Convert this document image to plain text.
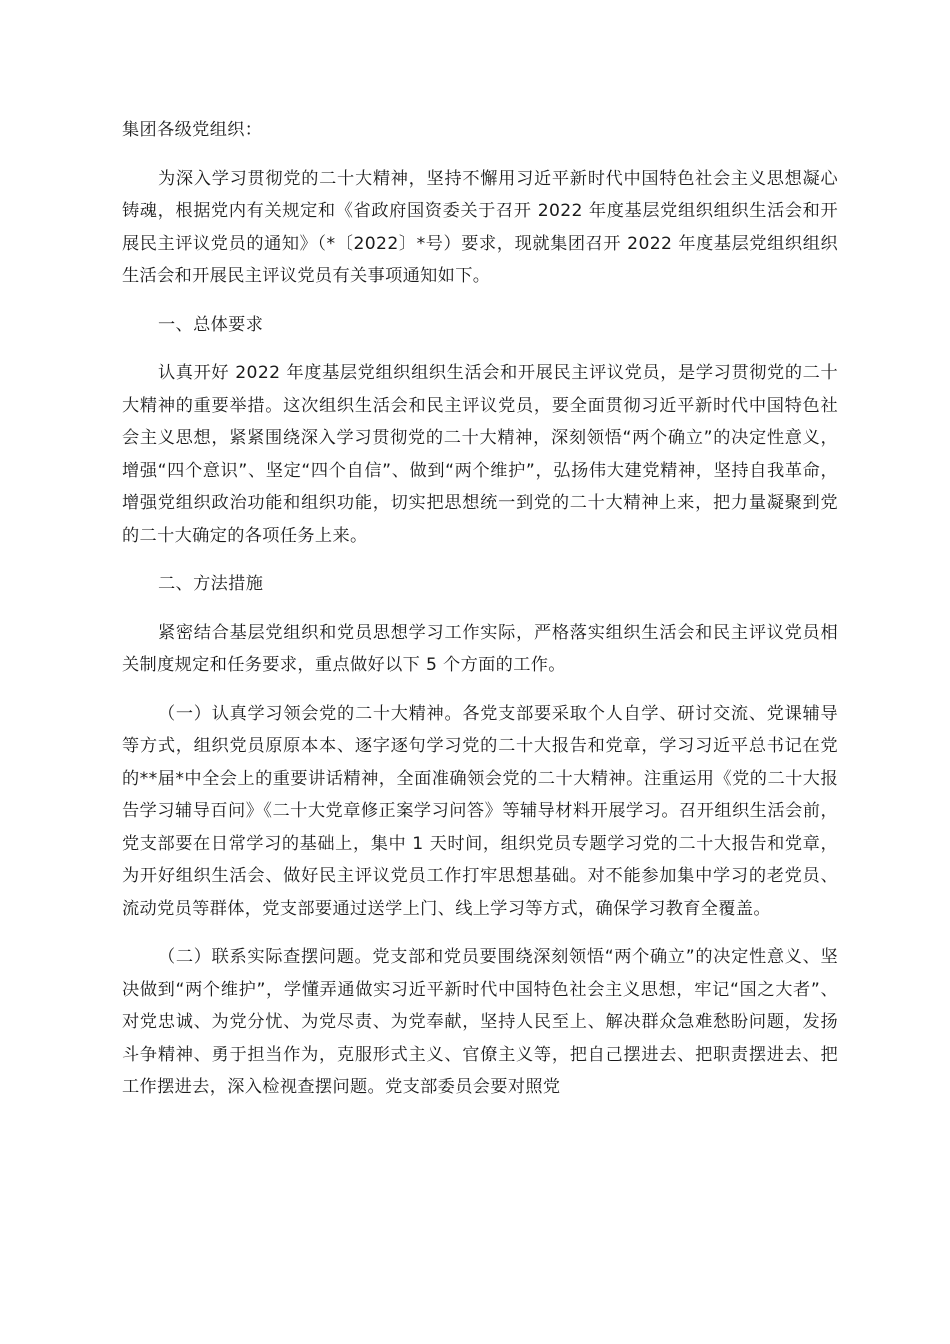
集团各级党组织：

为深入学习贯彻党的二十大精神，坚持不懈用习近平新时代中国特色社会主义思想凝心铸魂，根据党内有关规定和《省政府国资委关于召开 2022 年度基层党组织组织生活会和开展民主评议党员的通知》（*〔2022〕*号）要求，现就集团召开 2022 年度基层党组织组织生活会和开展民主评议党员有关事项通知如下。

一、总体要求

认真开好 2022 年度基层党组织组织生活会和开展民主评议党员，是学习贯彻党的二十大精神的重要举措。这次组织生活会和民主评议党员，要全面贯彻习近平新时代中国特色社会主义思想，紧紧围绕深入学习贯彻党的二十大精神，深刻领悟“两个确立”的决定性意义，增强“四个意识”、坚定“四个自信”、做到“两个维护”，弘扬伟大建党精神，坚持自我革命，增强党组织政治功能和组织功能，切实把思想统一到党的二十大精神上来，把力量凝聚到党的二十大确定的各项任务上来。

二、方法措施

紧密结合基层党组织和党员思想学习工作实际，严格落实组织生活会和民主评议党员相关制度规定和任务要求，重点做好以下 5 个方面的工作。

（一）认真学习领会党的二十大精神。各党支部要采取个人自学、研讨交流、党课辅导等方式，组织党员原原本本、逐字逐句学习党的二十大报告和党章，学习习近平总书记在党的**届*中全会上的重要讲话精神，全面准确领会党的二十大精神。注重运用《党的二十大报告学习辅导百问》《二十大党章修正案学习问答》等辅导材料开展学习。召开组织生活会前，党支部要在日常学习的基础上，集中 1 天时间，组织党员专题学习党的二十大报告和党章，为开好组织生活会、做好民主评议党员工作打牢思想基础。对不能参加集中学习的老党员、流动党员等群体，党支部要通过送学上门、线上学习等方式，确保学习教育全覆盖。

（二）联系实际查摆问题。党支部和党员要围绕深刻领悟“两个确立”的决定性意义、坚决做到“两个维护”，学懂弄通做实习近平新时代中国特色社会主义思想，牢记“国之大者”、对党忠诚、为党分忧、为党尽责、为党奉献，坚持人民至上、解决群众急难愁盼问题，发扬斗争精神、勇于担当作为，克服形式主义、官僚主义等，把自己摆进去、把职责摆进去、把工作摆进去，深入检视查摆问题。党支部委员会要对照党
